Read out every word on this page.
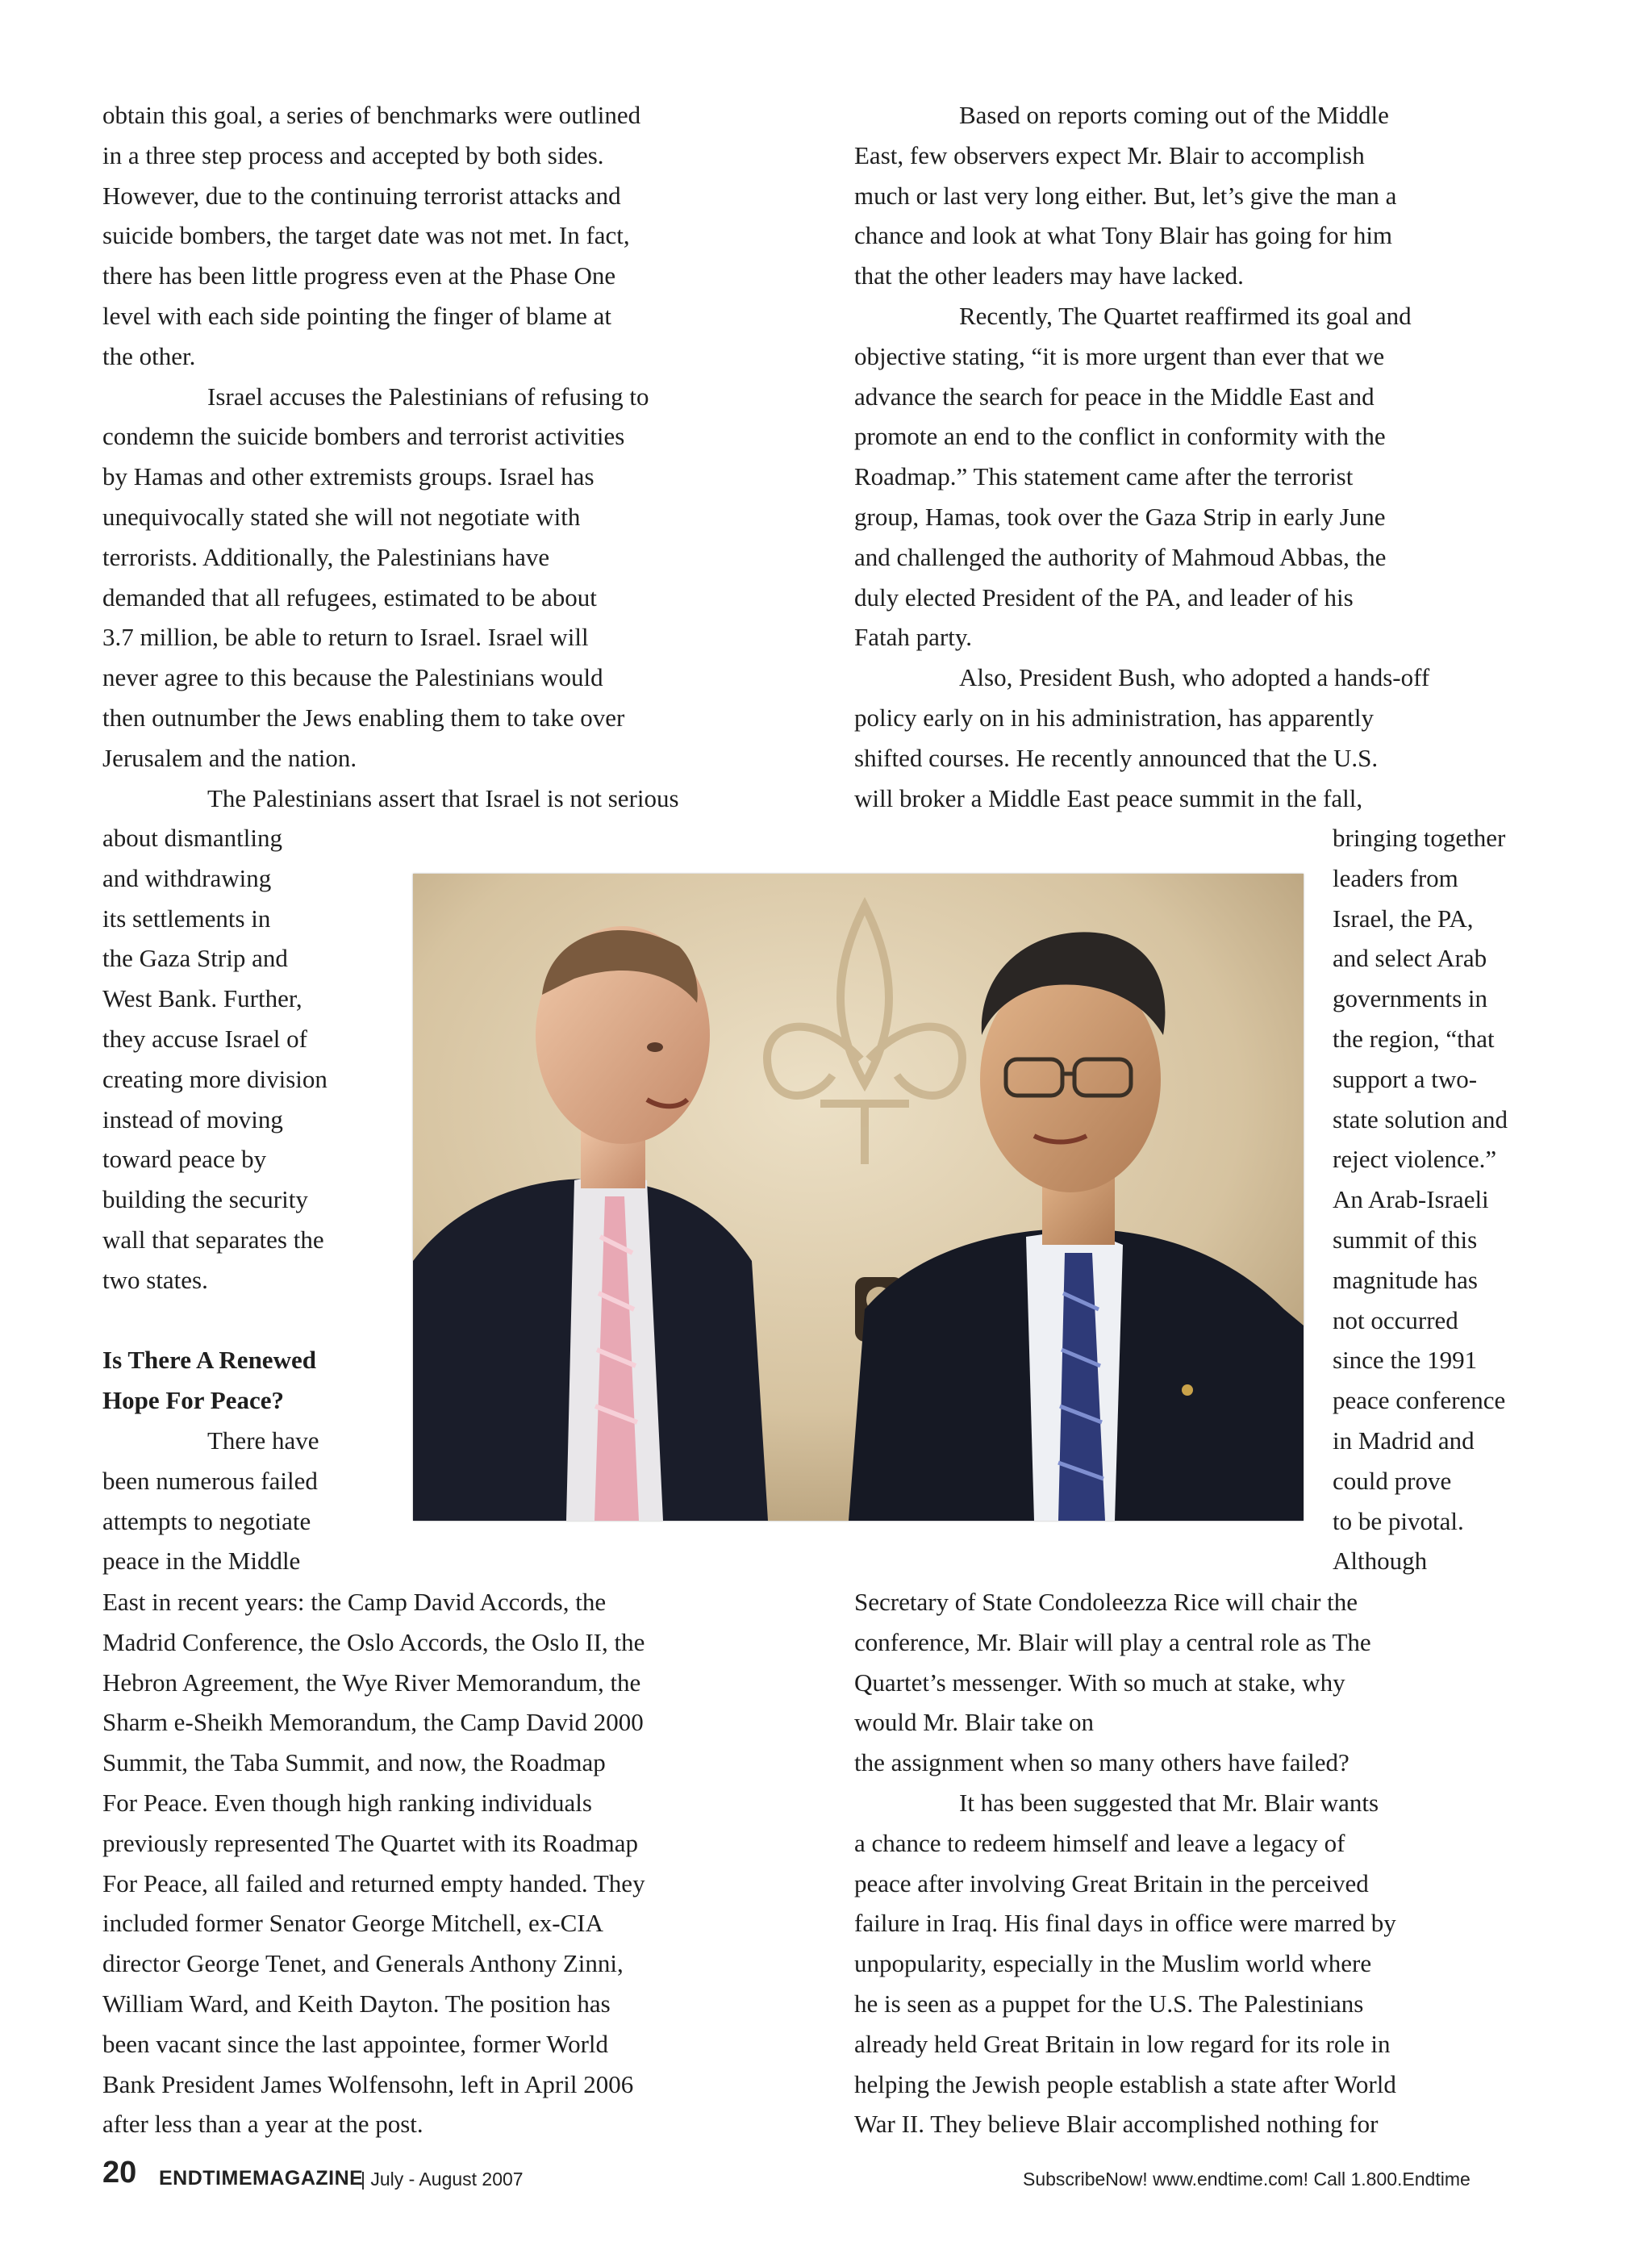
obtain this goal, a series of benchmarks were outlined

in a three step process and accepted by both sides.

However, due to the continuing terrorist attacks and

suicide bombers, the target date was not met. In fact,

there has been little progress even at the Phase One

level with each side pointing the finger of blame at

the other.

Israel accuses the Palestinians of refusing to

condemn the suicide bombers and terrorist activities

by Hamas and other extremists groups. Israel has

unequivocally stated she will not negotiate with

terrorists. Additionally, the Palestinians have

demanded that all refugees, estimated to be about

3.7 million, be able to return to Israel. Israel will

never agree to this because the Palestinians would

then outnumber the Jews enabling them to take over

Jerusalem and the nation.

The Palestinians assert that Israel is not serious

about dismantling

and withdrawing

its settlements in

the Gaza Strip and

West Bank. Further,

they accuse Israel of

creating more division

instead of moving

toward peace by

building the security

wall that separates the

two states.

Is There A Renewed

Hope For Peace?

There have

been numerous failed

attempts to negotiate

peace in the Middle

East in recent years: the Camp David Accords, the

Madrid Conference, the Oslo Accords, the Oslo II, the

Hebron Agreement, the Wye River Memorandum, the

Sharm e-Sheikh Memorandum, the Camp David 2000

Summit, the Taba Summit, and now, the Roadmap

For Peace. Even though high ranking individuals

previously represented The Quartet with its Roadmap

For Peace, all failed and returned empty handed. They

included former Senator George Mitchell, ex-CIA

director George Tenet, and Generals Anthony Zinni,

William Ward, and Keith Dayton. The position has

been vacant since the last appointee, former World

Bank President James Wolfensohn, left in April 2006

after less than a year at the post.

Based on reports coming out of the Middle

East, few observers expect Mr. Blair to accomplish

much or last very long either. But, let’s give the man a

chance and look at what Tony Blair has going for him

that the other leaders may have lacked.

Recently, The Quartet reaffirmed its goal and

objective stating, “it is more urgent than ever that we

advance the search for peace in the Middle East and

promote an end to the conflict in conformity with the

Roadmap.” This statement came after the terrorist

group, Hamas, took over the Gaza Strip in early June

and challenged the authority of Mahmoud Abbas, the

duly elected President of the PA, and leader of his

Fatah party.

Also, President Bush, who adopted a hands-off

policy early on in his administration, has apparently

shifted courses. He recently announced that the U.S.

will broker a Middle East peace summit in the fall,

bringing together

leaders from

Israel, the PA,

and select Arab

governments in

the region, “that

support a two-

state solution and

reject violence.”

An Arab-Israeli

summit of this

magnitude has

not occurred

since the 1991

peace conference

in Madrid and

could prove

to be pivotal.

Although

Secretary of State Condoleezza Rice will chair the

conference, Mr. Blair will play a central role as The

Quartet’s messenger. With so much at stake, why

would Mr. Blair take on

the assignment when so many others have failed?

It has been suggested that Mr. Blair wants

a chance to redeem himself and leave a legacy of

peace after involving Great Britain in the perceived

failure in Iraq. His final days in office were marred by

unpopularity, especially in the Muslim world where

he is seen as a puppet for the U.S. The Palestinians

already held Great Britain in low regard for its role in

helping the Jewish people establish a state after World

War II. They believe Blair accomplished nothing for

20 ENDTIMEMAGAZINE
| July - August 2007	SubscribeNow! www.endtime.com! Call 1.800.Endtime
